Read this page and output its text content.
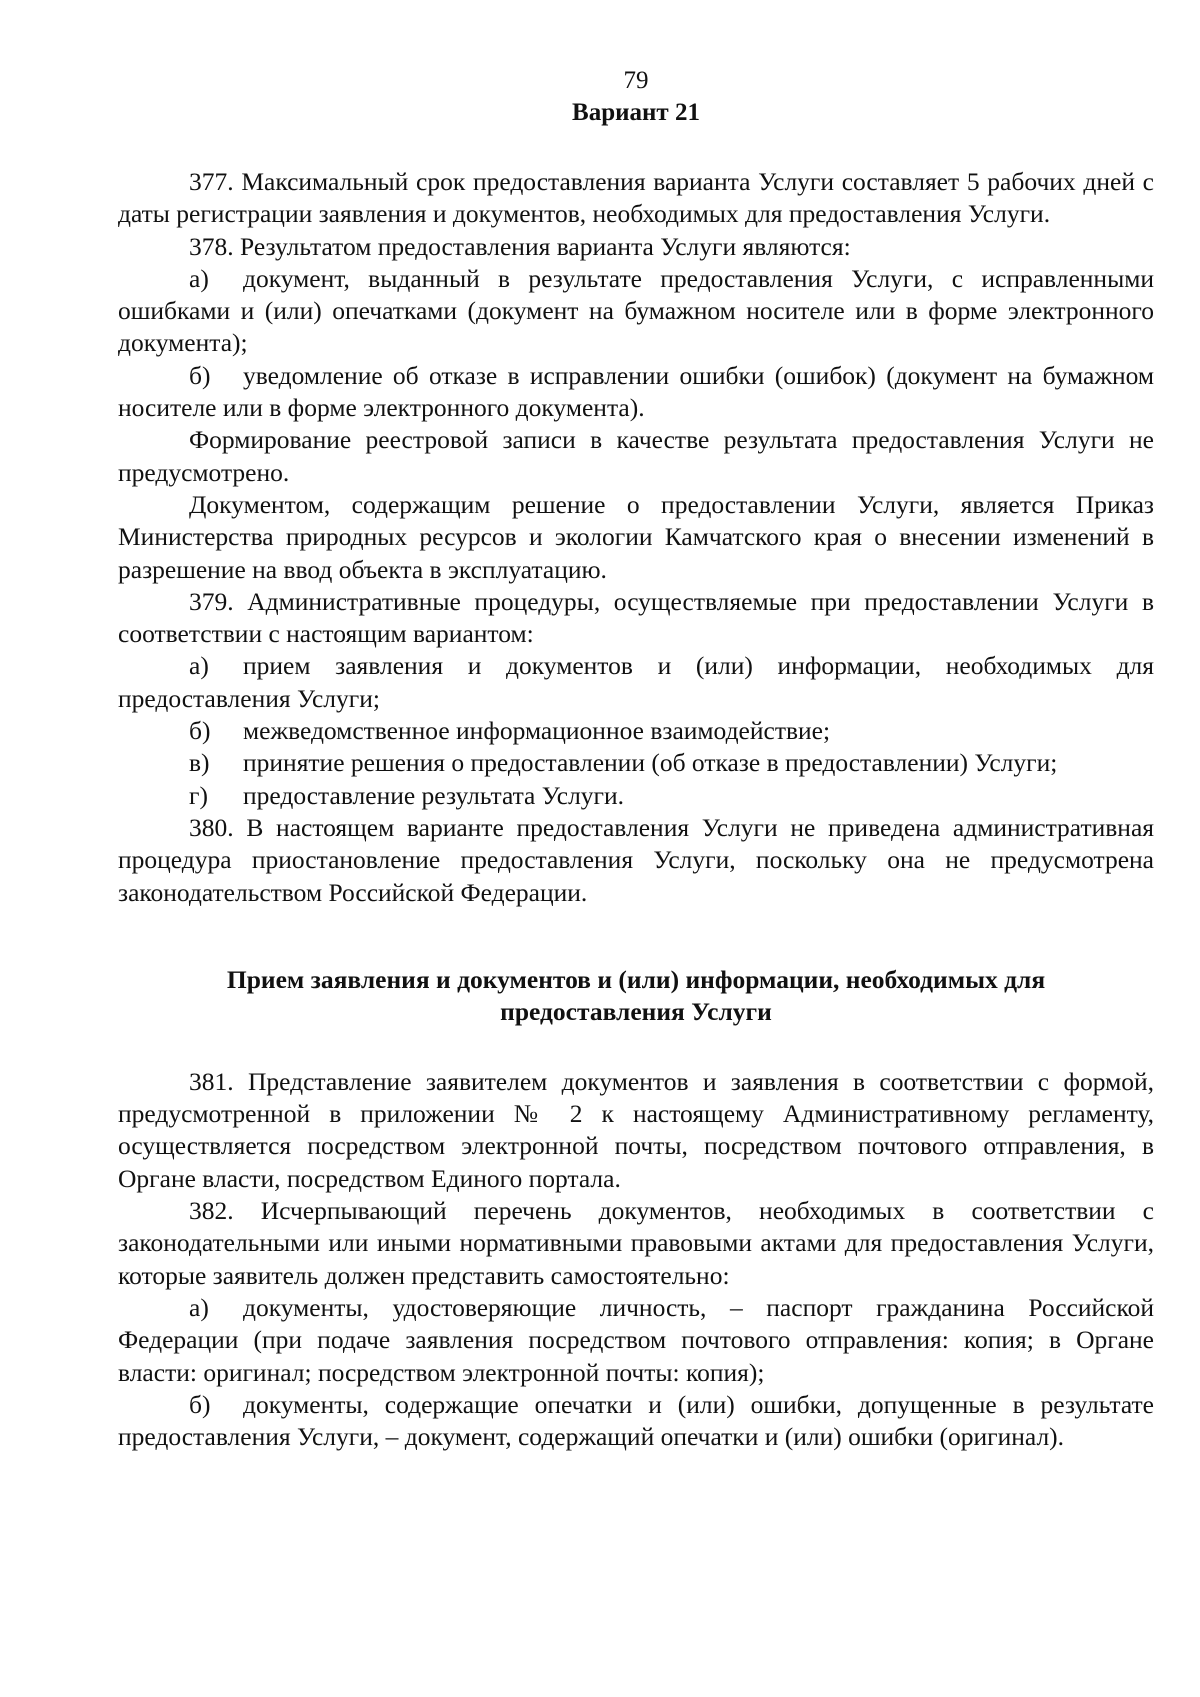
79

Вариант 21

377. Максимальный срок предоставления варианта Услуги составляет 5 рабочих дней с даты регистрации заявления и документов, необходимых для предоставления Услуги.

378. Результатом предоставления варианта Услуги являются:

а) документ, выданный в результате предоставления Услуги, с исправленными ошибками и (или) опечатками (документ на бумажном носителе или в форме электронного документа);

б) уведомление об отказе в исправлении ошибки (ошибок) (документ на бумажном носителе или в форме электронного документа).

Формирование реестровой записи в качестве результата предоставления Услуги не предусмотрено.

Документом, содержащим решение о предоставлении Услуги, является Приказ Министерства природных ресурсов и экологии Камчатского края о внесении изменений в разрешение на ввод объекта в эксплуатацию.

379. Административные процедуры, осуществляемые при предоставлении Услуги в соответствии с настоящим вариантом:

а) прием заявления и документов и (или) информации, необходимых для предоставления Услуги;

б) межведомственное информационное взаимодействие;

в) принятие решения о предоставлении (об отказе в предоставлении) Услуги;

г) предоставление результата Услуги.

380. В настоящем варианте предоставления Услуги не приведена административная процедура приостановление предоставления Услуги, поскольку она не предусмотрена законодательством Российской Федерации.

Прием заявления и документов и (или) информации, необходимых для предоставления Услуги

381. Представление заявителем документов и заявления в соответствии с формой, предусмотренной в приложении № 2 к настоящему Административному регламенту, осуществляется посредством электронной почты, посредством почтового отправления, в Органе власти, посредством Единого портала.

382. Исчерпывающий перечень документов, необходимых в соответствии с законодательными или иными нормативными правовыми актами для предоставления Услуги, которые заявитель должен представить самостоятельно:

а) документы, удостоверяющие личность, – паспорт гражданина Российской Федерации (при подаче заявления посредством почтового отправления: копия; в Органе власти: оригинал; посредством электронной почты: копия);

б) документы, содержащие опечатки и (или) ошибки, допущенные в результате предоставления Услуги, – документ, содержащий опечатки и (или) ошибки (оригинал).
